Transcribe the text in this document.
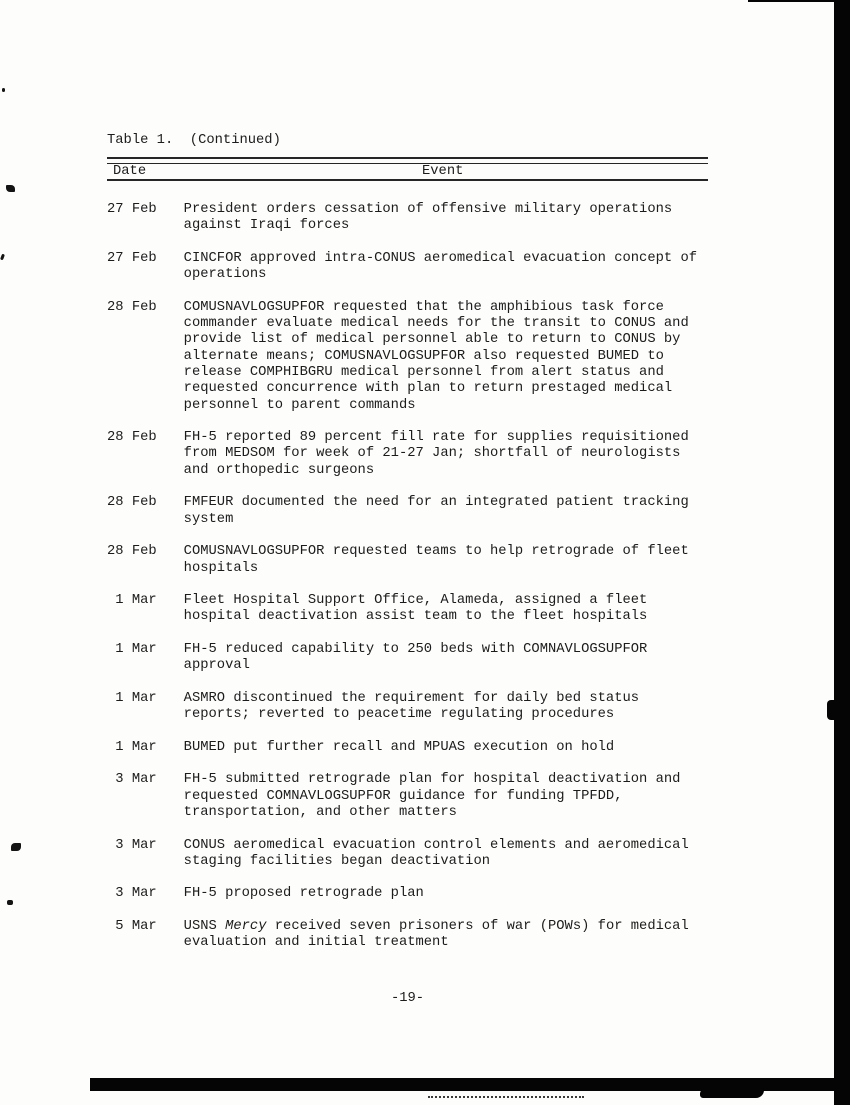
Table 1.  (Continued)
Date	Event
27 Feb President orders cessation of offensive military operations against Iraqi forces
27 Feb CINCFOR approved intra-CONUS aeromedical evacuation concept of operations
28 Feb COMUSNAVLOGSUPFOR requested that the amphibious task force commander evaluate medical needs for the transit to CONUS and provide list of medical personnel able to return to CONUS by alternate means; COMUSNAVLOGSUPFOR also requested BUMED to release COMPHIBGRU medical personnel from alert status and requested concurrence with plan to return prestaged medical personnel to parent commands
28 Feb FH-5 reported 89 percent fill rate for supplies requisitioned from MEDSOM for week of 21-27 Jan; shortfall of neurologists and orthopedic surgeons
28 Feb FMFEUR documented the need for an integrated patient tracking system
28 Feb COMUSNAVLOGSUPFOR requested teams to help retrograde of fleet hospitals
1 Mar Fleet Hospital Support Office, Alameda, assigned a fleet hospital deactivation assist team to the fleet hospitals
1 Mar FH-5 reduced capability to 250 beds with COMNAVLOGSUPFOR approval
1 Mar ASMRO discontinued the requirement for daily bed status reports; reverted to peacetime regulating procedures
1 Mar BUMED put further recall and MPUAS execution on hold
3 Mar FH-5 submitted retrograde plan for hospital deactivation and requested COMNAVLOGSUPFOR guidance for funding TPFDD, transportation, and other matters
3 Mar CONUS aeromedical evacuation control elements and aeromedical staging facilities began deactivation
3 Mar FH-5 proposed retrograde plan
5 Mar USNS Mercy received seven prisoners of war (POWs) for medical evaluation and initial treatment
-19-
